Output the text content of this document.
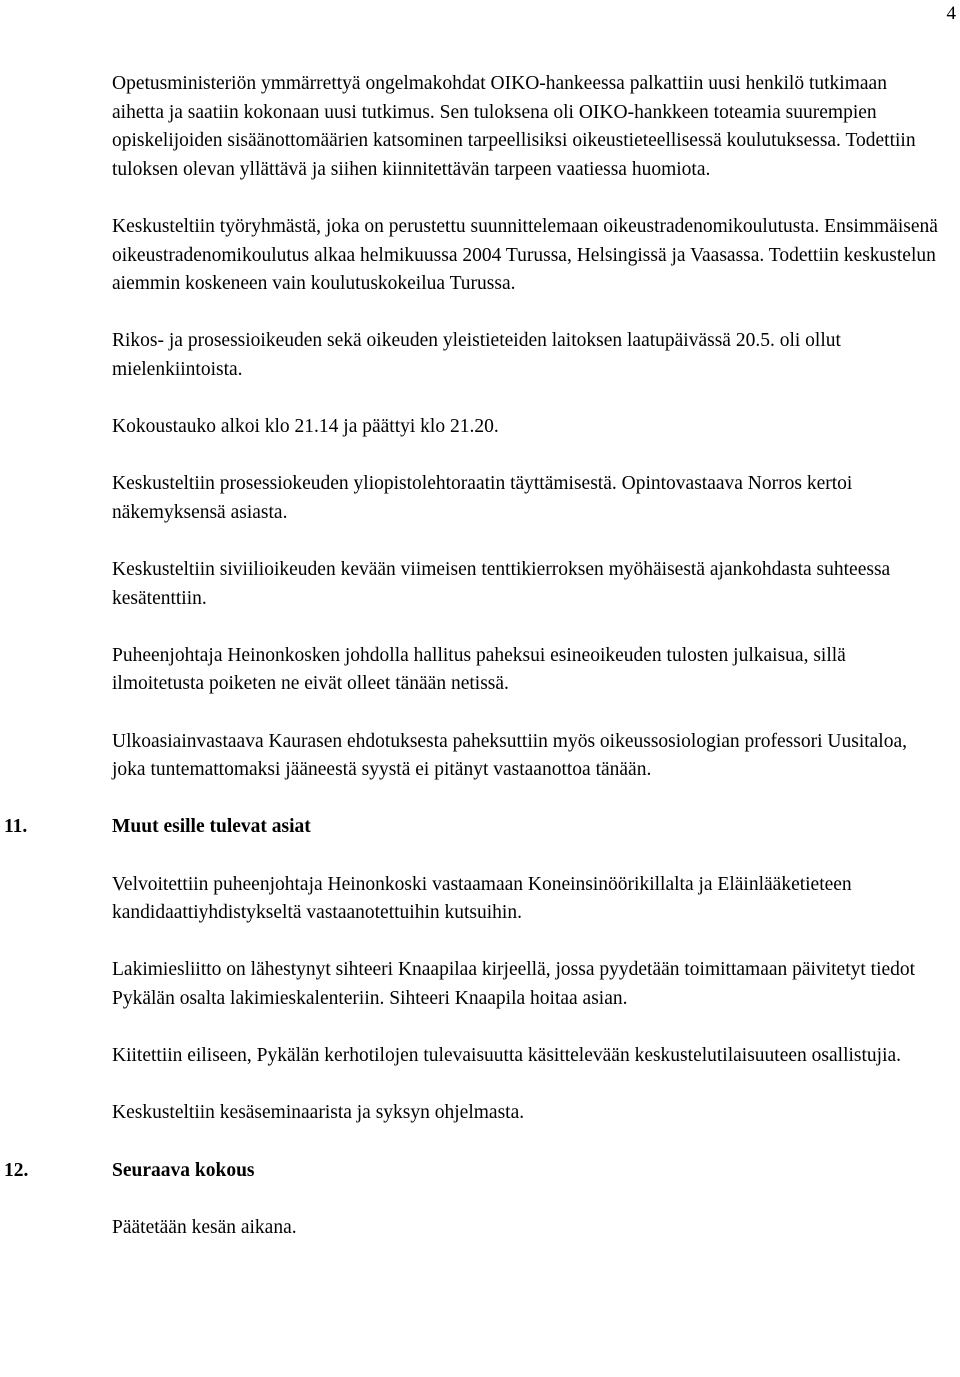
4

Opetusministeriön ymmärrettyä ongelmakohdat OIKO-hankeessa palkattiin uusi henkilö tutkimaan aihetta ja saatiin kokonaan uusi tutkimus. Sen tuloksena oli OIKO-hankkeen toteamia suurempien opiskelijoiden sisäänottomäärien katsominen tarpeellisiksi oikeustieteellisessä koulutuksessa. Todettiin tuloksen olevan yllättävä ja siihen kiinnitettävän tarpeen vaatiessa huomiota.

Keskusteltiin työryhmästä, joka on perustettu suunnittelemaan oikeustradenomikoulutusta. Ensimmäisenä oikeustradenomikoulutus alkaa helmikuussa 2004 Turussa, Helsingissä ja Vaasassa. Todettiin keskustelun aiemmin koskeneen vain koulutuskokeilua Turussa.

Rikos- ja prosessioikeuden sekä oikeuden yleistieteiden laitoksen laatupäivässä 20.5. oli ollut mielenkiintoista.

Kokoustauko alkoi klo 21.14 ja päättyi klo 21.20.

Keskusteltiin prosessiokeuden yliopistolehtoraatin täyttämisestä. Opintovastaava Norros kertoi näkemyksensä asiasta.

Keskusteltiin siviilioikeuden kevään viimeisen tenttikierroksen myöhäisestä ajankohdasta suhteessa kesätenttiin.

Puheenjohtaja Heinonkosken johdolla hallitus paheksui esineoikeuden tulosten julkaisua, sillä ilmoitetusta poiketen ne eivät olleet tänään netissä.

Ulkoasiainvastaava Kaurasen ehdotuksesta paheksuttiin myös oikeussosiologian professori Uusitaloa, joka tuntemattomaksi jääneestä syystä ei pitänyt vastaanottoa tänään.

11.	Muut esille tulevat asiat

Velvoitettiin puheenjohtaja Heinonkoski vastaamaan Koneinsinöörikillalta ja Eläinlääketieteen kandidaattiyhdistykseltä vastaanotettuihin kutsuihin.

Lakimiesliitto on lähestynyt sihteeri Knaapilaa kirjeellä, jossa pyydetään toimittamaan päivitetyt tiedot Pykälän osalta lakimieskalenteriin. Sihteeri Knaapila hoitaa asian.

Kiitettiin eiliseen, Pykälän kerhotilojen tulevaisuutta käsittelevään keskustelutilaisuuteen osallistujia.

Keskusteltiin kesäseminaarista ja syksyn ohjelmasta.

12.	Seuraava kokous

Päätetään kesän aikana.
